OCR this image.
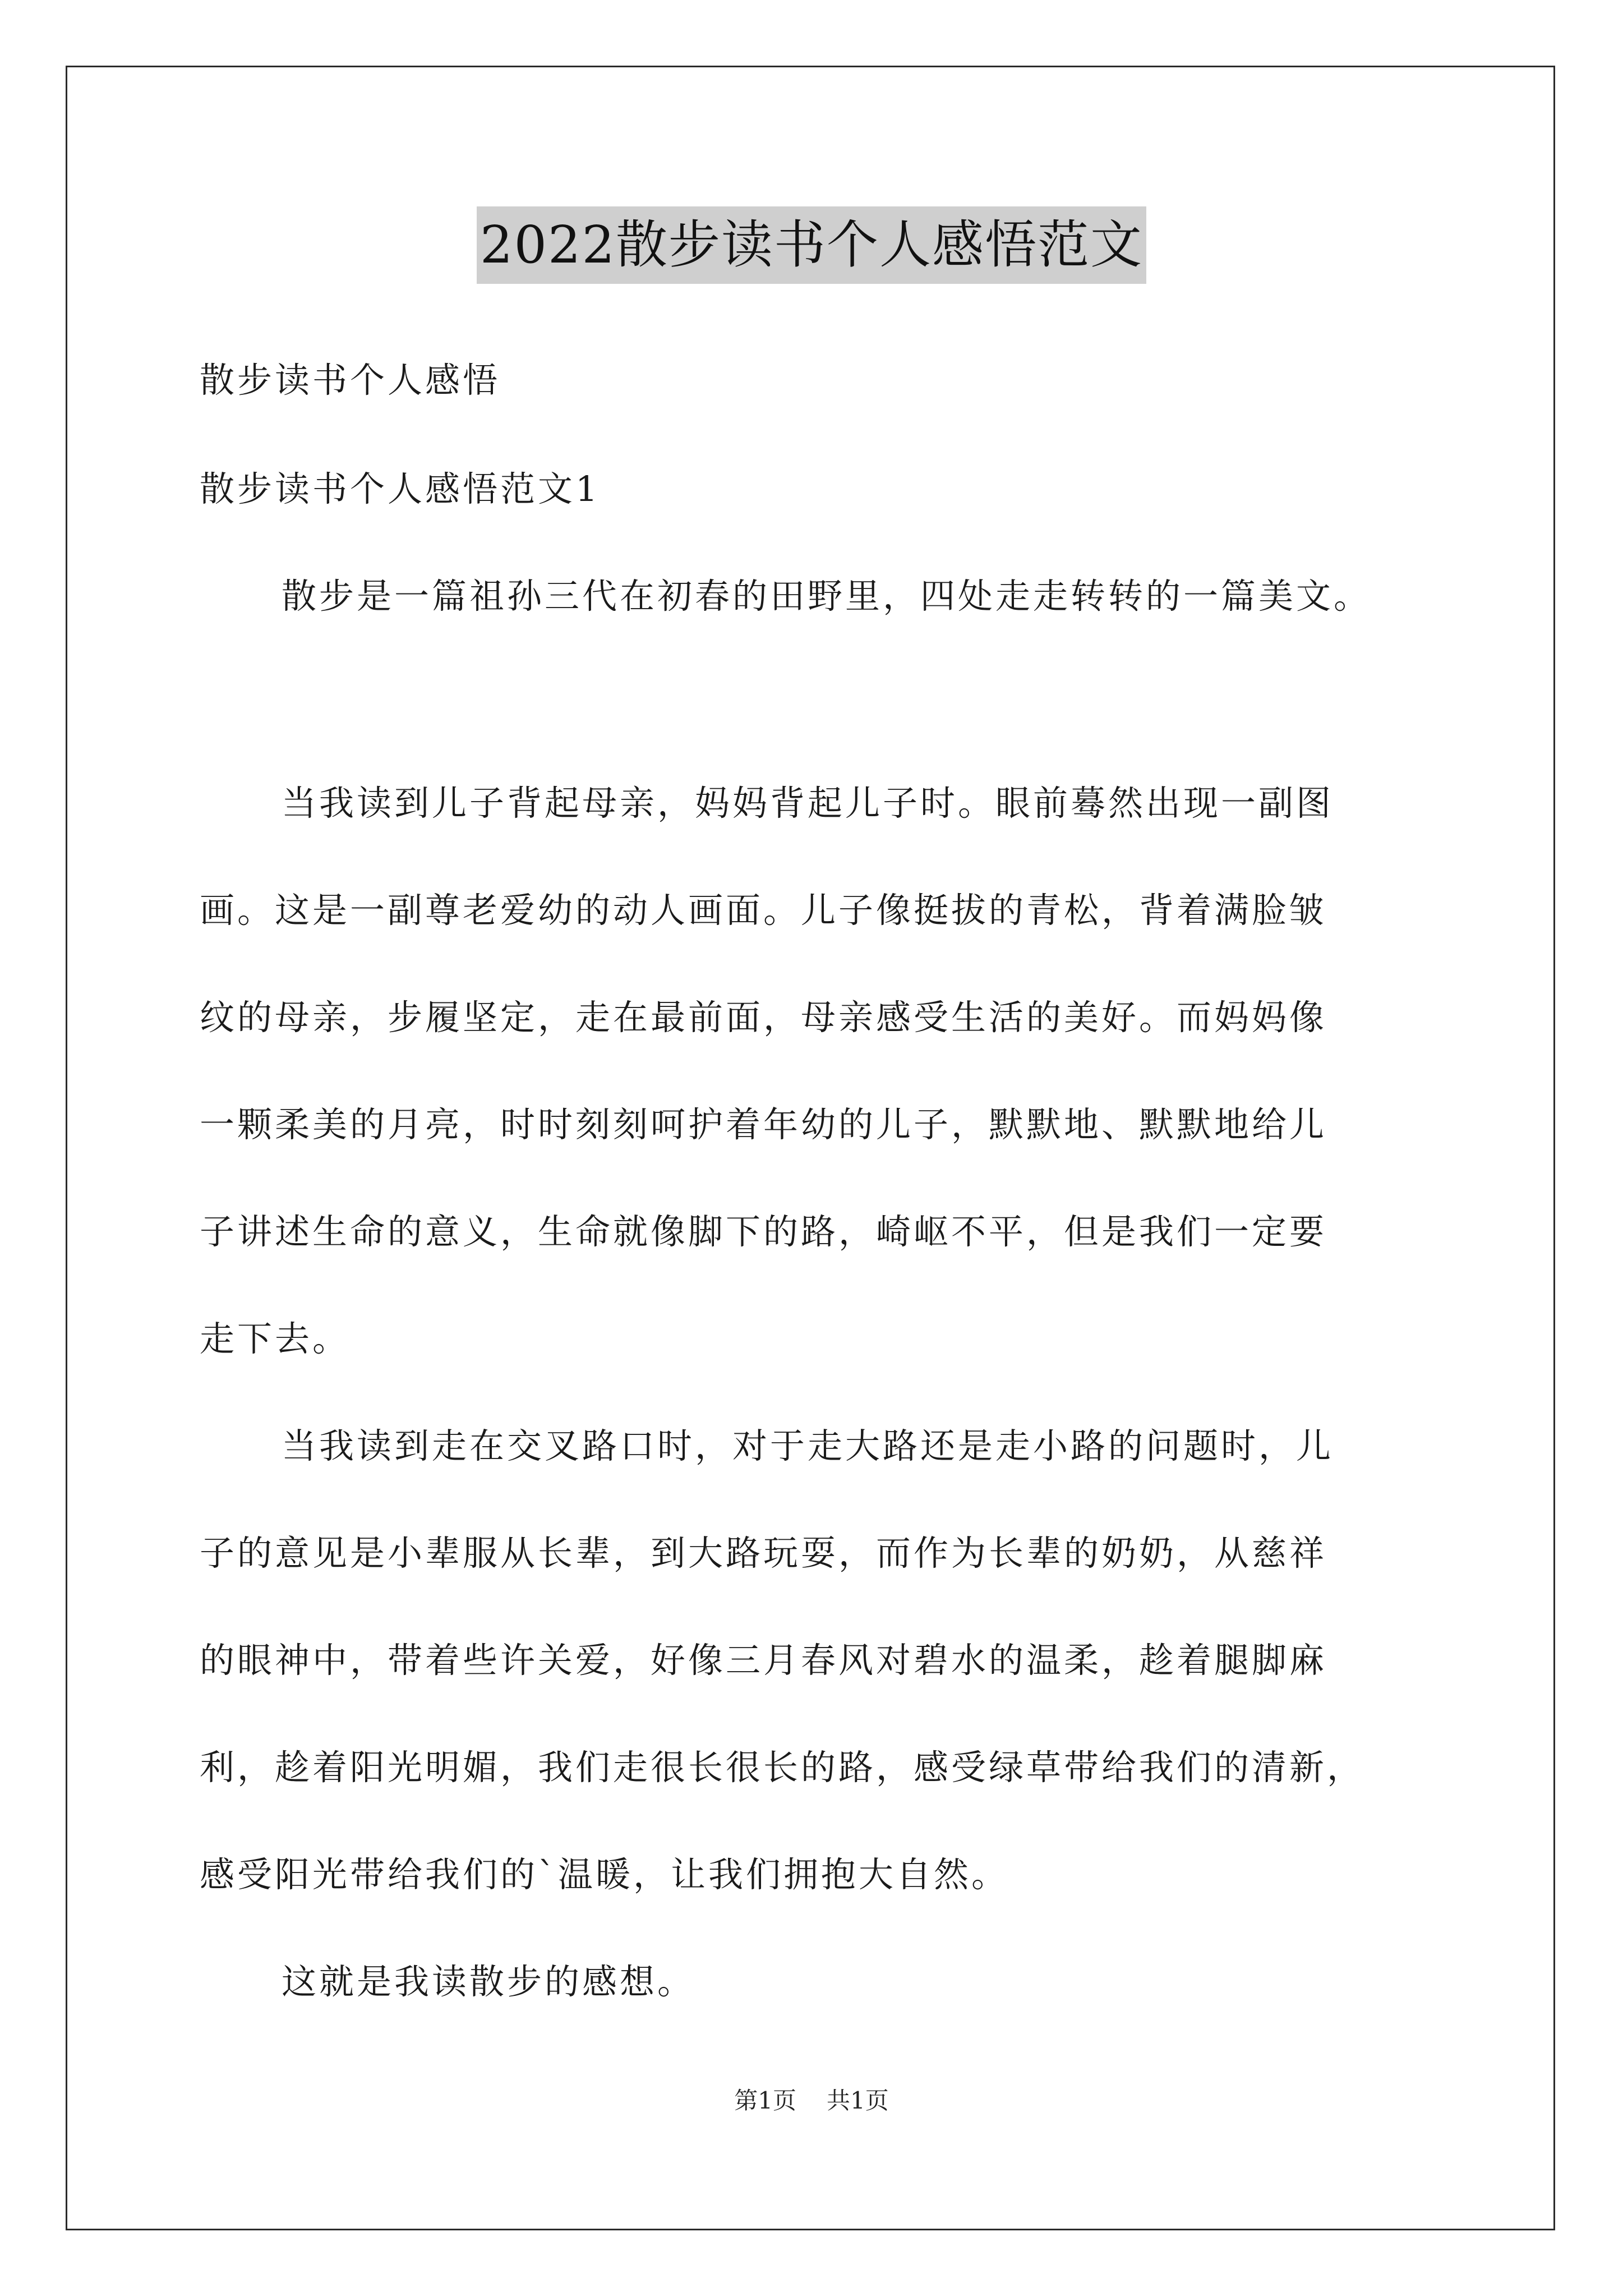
2022散步读书个人感悟范文
散步读书个人感悟
散步读书个人感悟范文1
散步是一篇祖孙三代在初春的田野里，四处走走转转的一篇美文。
当我读到儿子背起母亲，妈妈背起儿子时。眼前蓦然出现一副图
画。这是一副尊老爱幼的动人画面。儿子像挺拔的青松，背着满脸皱
纹的母亲，步履坚定，走在最前面，母亲感受生活的美好。而妈妈像
一颗柔美的月亮，时时刻刻呵护着年幼的儿子，默默地、默默地给儿
子讲述生命的意义，生命就像脚下的路，崎岖不平，但是我们一定要
走下去。
当我读到走在交叉路口时，对于走大路还是走小路的问题时，儿
子的意见是小辈服从长辈，到大路玩耍，而作为长辈的奶奶，从慈祥
的眼神中，带着些许关爱，好像三月春风对碧水的温柔，趁着腿脚麻
利，趁着阳光明媚，我们走很长很长的路，感受绿草带给我们的清新，
感受阳光带给我们的`温暖，让我们拥抱大自然。
这就是我读散步的感想。
第1页 共1页
